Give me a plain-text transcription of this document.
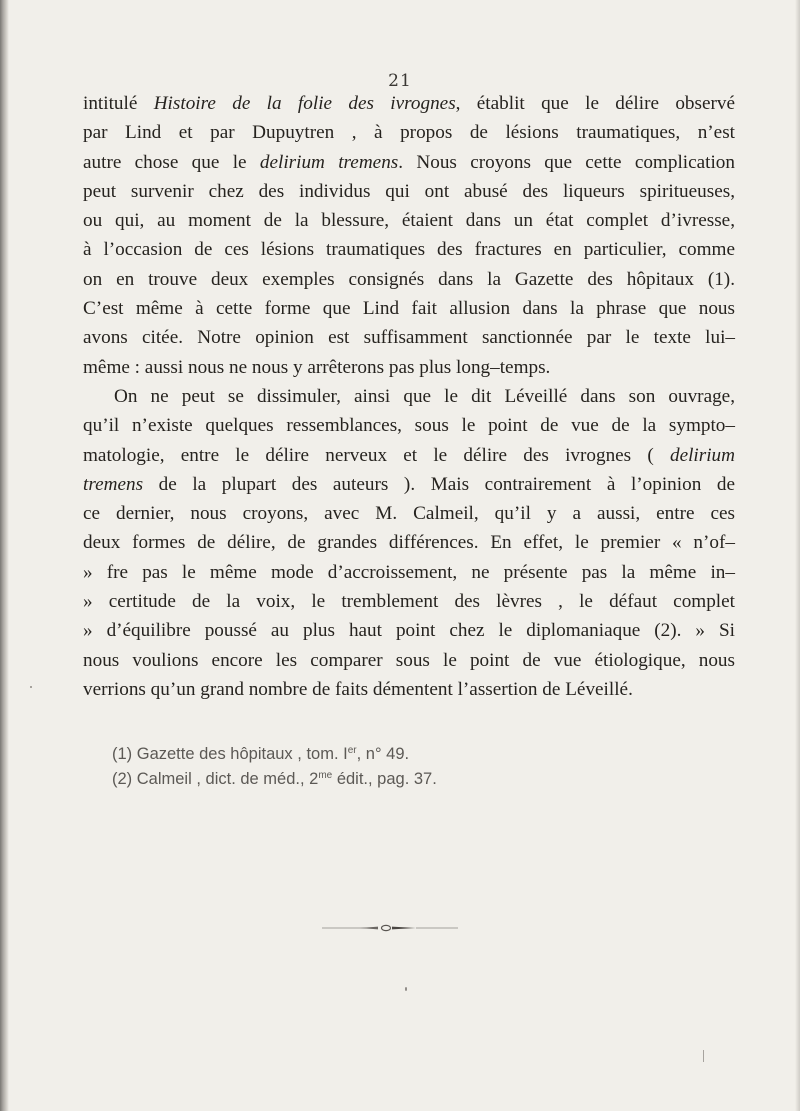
21

intitulé Histoire de la folie des ivrognes, établit que le délire observé
par Lind et par Dupuytren , à propos de lésions traumatiques, n’est
autre chose que le delirium tremens. Nous croyons que cette complication
peut survenir chez des individus qui ont abusé des liqueurs spiritueuses,
ou qui, au moment de la blessure, étaient dans un état complet d’ivresse,
à l’occasion de ces lésions traumatiques des fractures en particulier, comme
on en trouve deux exemples consignés dans la Gazette des hôpitaux (1).
C’est même à cette forme que Lind fait allusion dans la phrase que nous
avons citée. Notre opinion est suffisamment sanctionnée par le texte lui–
même : aussi nous ne nous y arrêterons pas plus long–temps.

On ne peut se dissimuler, ainsi que le dit Léveillé dans son ouvrage,
qu’il n’existe quelques ressemblances, sous le point de vue de la sympto–
matologie, entre le délire nerveux et le délire des ivrognes ( delirium
tremens de la plupart des auteurs ). Mais contrairement à l’opinion de
ce dernier, nous croyons, avec M. Calmeil, qu’il y a aussi, entre ces
deux formes de délire, de grandes différences. En effet, le premier « n’of–
» fre pas le même mode d’accroissement, ne présente pas la même in–
» certitude de la voix, le tremblement des lèvres , le défaut complet
» d’équilibre poussé au plus haut point chez le diplomaniaque (2). » Si
nous voulions encore les comparer sous le point de vue étiologique, nous
verrions qu’un grand nombre de faits démentent l’assertion de Léveillé.

(1) Gazette des hôpitaux , tom. Ier, n° 49.
(2) Calmeil , dict. de méd., $2^{me}$ édit., pag. 37.
